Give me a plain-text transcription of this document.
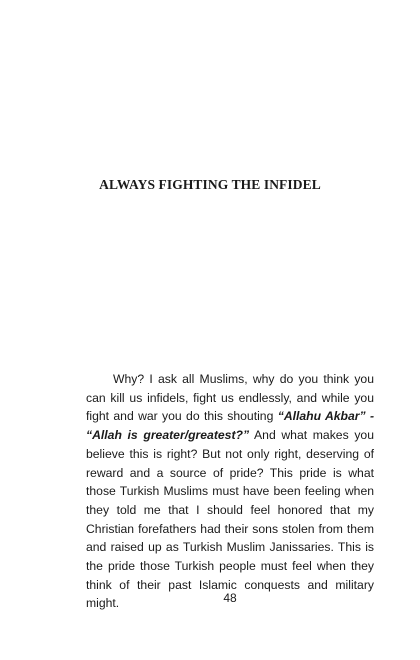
ALWAYS FIGHTING THE INFIDEL

Why? I ask all Muslims, why do you think you can kill us infidels, fight us endlessly, and while you fight and war you do this shouting “Allahu Akbar” - “Allah is greater/greatest?” And what makes you believe this is right? But not only right, deserving of reward and a source of pride? This pride is what those Turkish Muslims must have been feeling when they told me that I should feel honored that my Christian forefathers had their sons stolen from them and raised up as Turkish Muslim Janissaries. This is the pride those Turkish people must feel when they think of their past Islamic conquests and military might.	48
